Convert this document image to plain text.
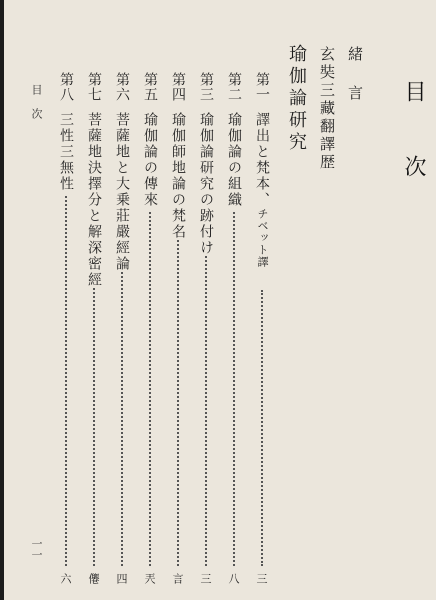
目 次
緒 言
玄奘三藏翻譯歴
瑜伽論研究
第一
譯出と梵本、チベット譯
三
第二
瑜伽論の組織
八
第三
瑜伽論研究の跡付け
三
第四
瑜伽師地論の梵名
言
第五
瑜伽論の傳來
兲
第六
菩薩地と大乗莊嚴經論
四
第七
菩薩地決擇分と解深密經
㒨
第八
三性三無性
六
目 次
一一
